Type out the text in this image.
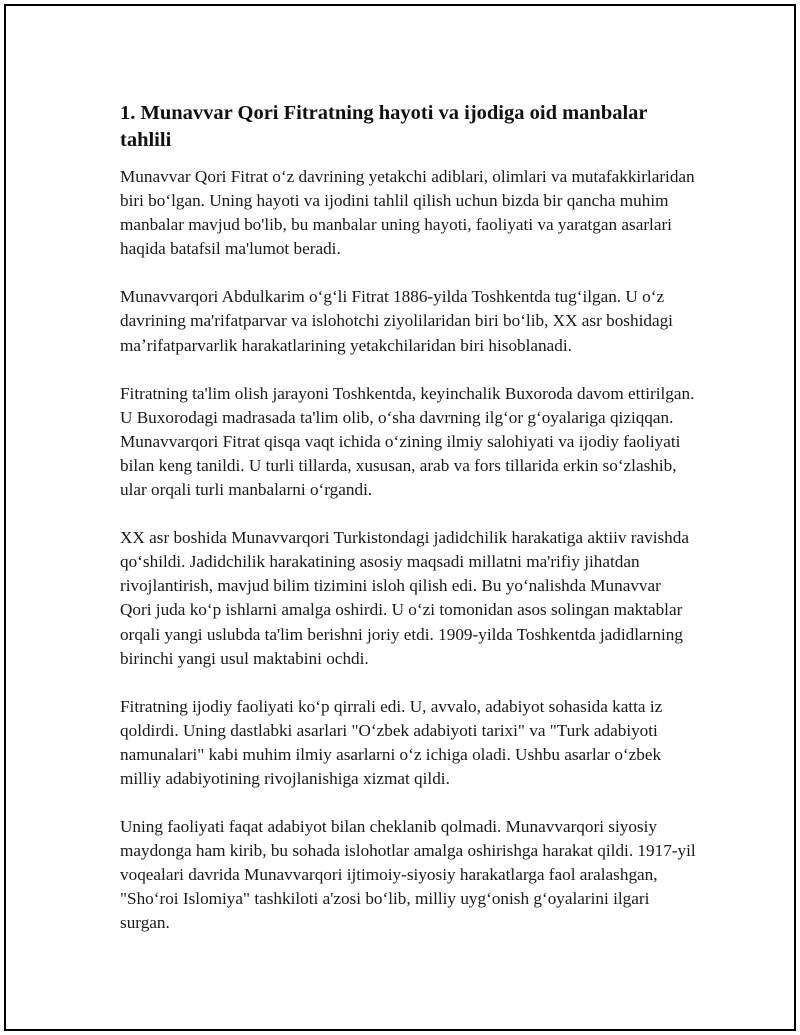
1. Munavvar Qori Fitratning hayoti va ijodiga oid manbalar tahlili

Munavvar Qori Fitrat oʻz davrining yetakchi adiblari, olimlari va mutafakkirlaridan biri boʻlgan. Uning hayoti va ijodini tahlil qilish uchun bizda bir qancha muhim manbalar mavjud bo'lib, bu manbalar uning hayoti, faoliyati va yaratgan asarlari haqida batafsil ma'lumot beradi.

Munavvarqori Abdulkarim oʻgʻli Fitrat 1886-yilda Toshkentda tugʻilgan. U oʻz davrining ma'rifatparvar va islohotchi ziyolilaridan biri boʻlib, XX asr boshidagi maʼrifatparvarlik harakatlarining yetakchilaridan biri hisoblanadi.

Fitratning ta'lim olish jarayoni Toshkentda, keyinchalik Buxoroda davom ettirilgan. U Buxorodagi madrasada ta'lim olib, oʻsha davrning ilgʻor gʻoyalariga qiziqqan. Munavvarqori Fitrat qisqa vaqt ichida oʻzining ilmiy salohiyati va ijodiy faoliyati bilan keng tanildi. U turli tillarda, xususan, arab va fors tillarida erkin soʻzlashib, ular orqali turli manbalarni oʻrgandi.

XX asr boshida Munavvarqori Turkistondagi jadidchilik harakatiga aktiiv ravishda qoʻshildi. Jadidchilik harakatining asosiy maqsadi millatni ma'rifiy jihatdan rivojlantirish, mavjud bilim tizimini isloh qilish edi. Bu yoʻnalishda Munavvar Qori juda koʻp ishlarni amalga oshirdi. U oʻzi tomonidan asos solingan maktablar orqali yangi uslubda ta'lim berishni joriy etdi. 1909-yilda Toshkentda jadidlarning birinchi yangi usul maktabini ochdi.

Fitratning ijodiy faoliyati koʻp qirrali edi. U, avvalo, adabiyot sohasida katta iz qoldirdi. Uning dastlabki asarlari "Oʻzbek adabiyoti tarixi" va "Turk adabiyoti namunalari" kabi muhim ilmiy asarlarni oʻz ichiga oladi. Ushbu asarlar oʻzbek milliy adabiyotining rivojlanishiga xizmat qildi.

Uning faoliyati faqat adabiyot bilan cheklanib qolmadi. Munavvarqori siyosiy maydonga ham kirib, bu sohada islohotlar amalga oshirishga harakat qildi. 1917-yil voqealari davrida Munavvarqori ijtimoiy-siyosiy harakatlarga faol aralashgan, "Shoʻroi Islomiya" tashkiloti a'zosi boʻlib, milliy uygʻonish gʻoyalarini ilgari surgan.
